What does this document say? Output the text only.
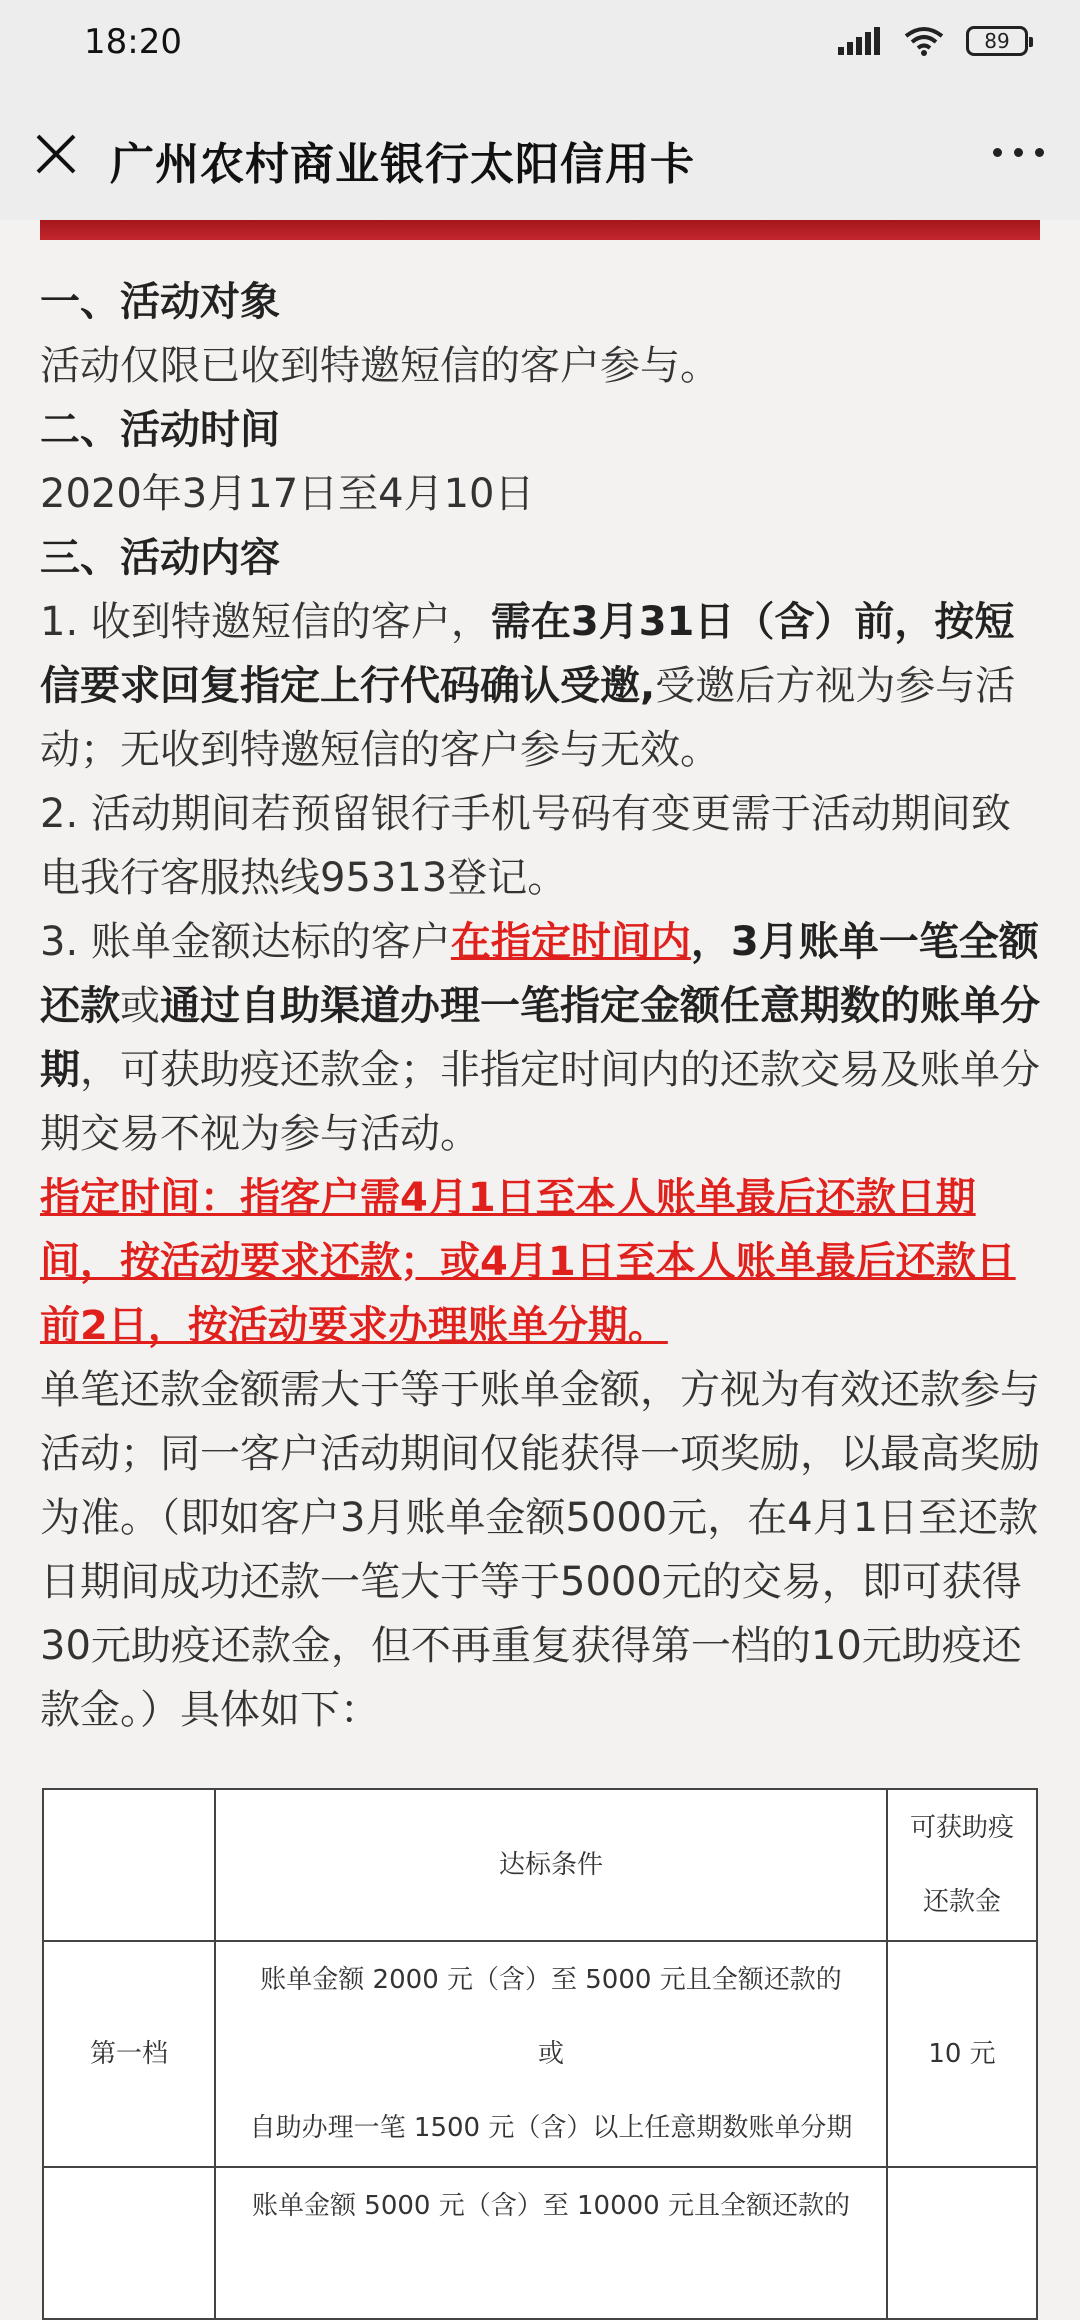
18:20	89
广州农村商业银行太阳信用卡

一、活动对象

活动仅限已收到特邀短信的客户参与。

二、活动时间

2020年3月17日至4月10日

三、活动内容

1. 收到特邀短信的客户，需在3月31日（含）前，按短信要求回复指定上行代码确认受邀,受邀后方视为参与活动；无收到特邀短信的客户参与无效。

2. 活动期间若预留银行手机号码有变更需于活动期间致电我行客服热线95313登记。

3. 账单金额达标的客户在指定时间内，3月账单一笔全额还款或通过自助渠道办理一笔指定金额任意期数的账单分期，可获助疫还款金；非指定时间内的还款交易及账单分期交易不视为参与活动。

指定时间：指客户需4月1日至本人账单最后还款日期间，按活动要求还款；或4月1日至本人账单最后还款日前2日，按活动要求办理账单分期。

单笔还款金额需大于等于账单金额，方视为有效还款参与活动；同一客户活动期间仅能获得一项奖励，以最高奖励为准。（即如客户3月账单金额5000元，在4月1日至还款日期间成功还款一笔大于等于5000元的交易，即可获得30元助疫还款金，但不再重复获得第一档的10元助疫还款金。）具体如下：

	达标条件	可获助疫
还款金

第一档	账单金额 2000 元（含）至 5000 元且全额还款的
或
自助办理一笔 1500 元（含）以上任意期数账单分期	10 元

	账单金额 5000 元（含）至 10000 元且全额还款的	
